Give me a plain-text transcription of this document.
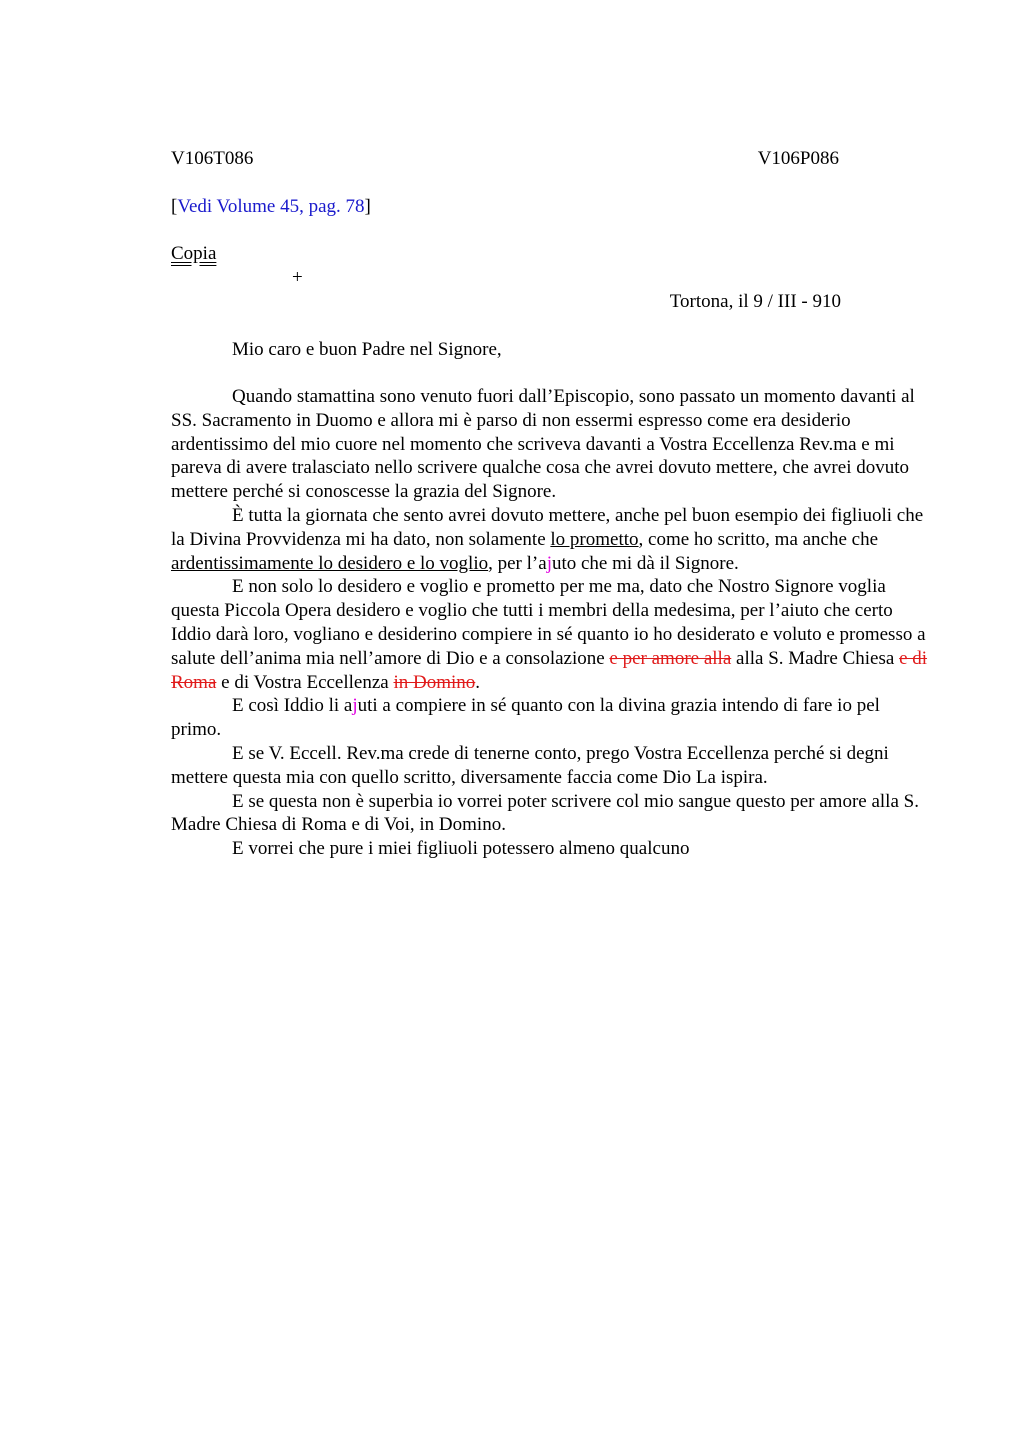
V106T086	V106P086
[Vedi Volume 45, pag. 78]
Copia
+
Tortona, il 9 / III - 910
Mio caro e buon Padre nel Signore,

Quando stamattina sono venuto fuori dall’Episcopio, sono passato un momento davanti al SS. Sacramento in Duomo e allora mi è parso di non essermi espresso come era desiderio ardentissimo del mio cuore nel momento che scriveva davanti a Vostra Eccellenza Rev.ma e mi pareva di avere tralasciato nello scrivere qualche cosa che avrei dovuto mettere, che avrei dovuto mettere perché si conoscesse la grazia del Signore.

È tutta la giornata che sento avrei dovuto mettere, anche pel buon esempio dei figliuoli che la Divina Provvidenza mi ha dato, non solamente lo prometto, come ho scritto, ma anche che ardentissimamente lo desidero e lo voglio, per l’ajuto che mi dà il Signore.

E non solo lo desidero e voglio e prometto per me ma, dato che Nostro Signore voglia questa Piccola Opera desidero e voglio che tutti i membri della medesima, per l’aiuto che certo Iddio darà loro, vogliano e desiderino compiere in sé quanto io ho desiderato e voluto e promesso a salute dell’anima mia nell’amore di Dio e a consolazione e per amore alla alla S. Madre Chiesa e di Roma e di Vostra Eccellenza in Domino.

E così Iddio li ajuti a compiere in sé quanto con la divina grazia intendo di fare io pel primo.

E se V. Eccell. Rev.ma crede di tenerne conto, prego Vostra Eccellenza perché si degni mettere questa mia con quello scritto, diversamente faccia come Dio La ispira.

E se questa non è superbia io vorrei poter scrivere col mio sangue questo per amore alla S. Madre Chiesa di Roma e di Voi, in Domino.

E vorrei che pure i miei figliuoli potessero almeno qualcuno
